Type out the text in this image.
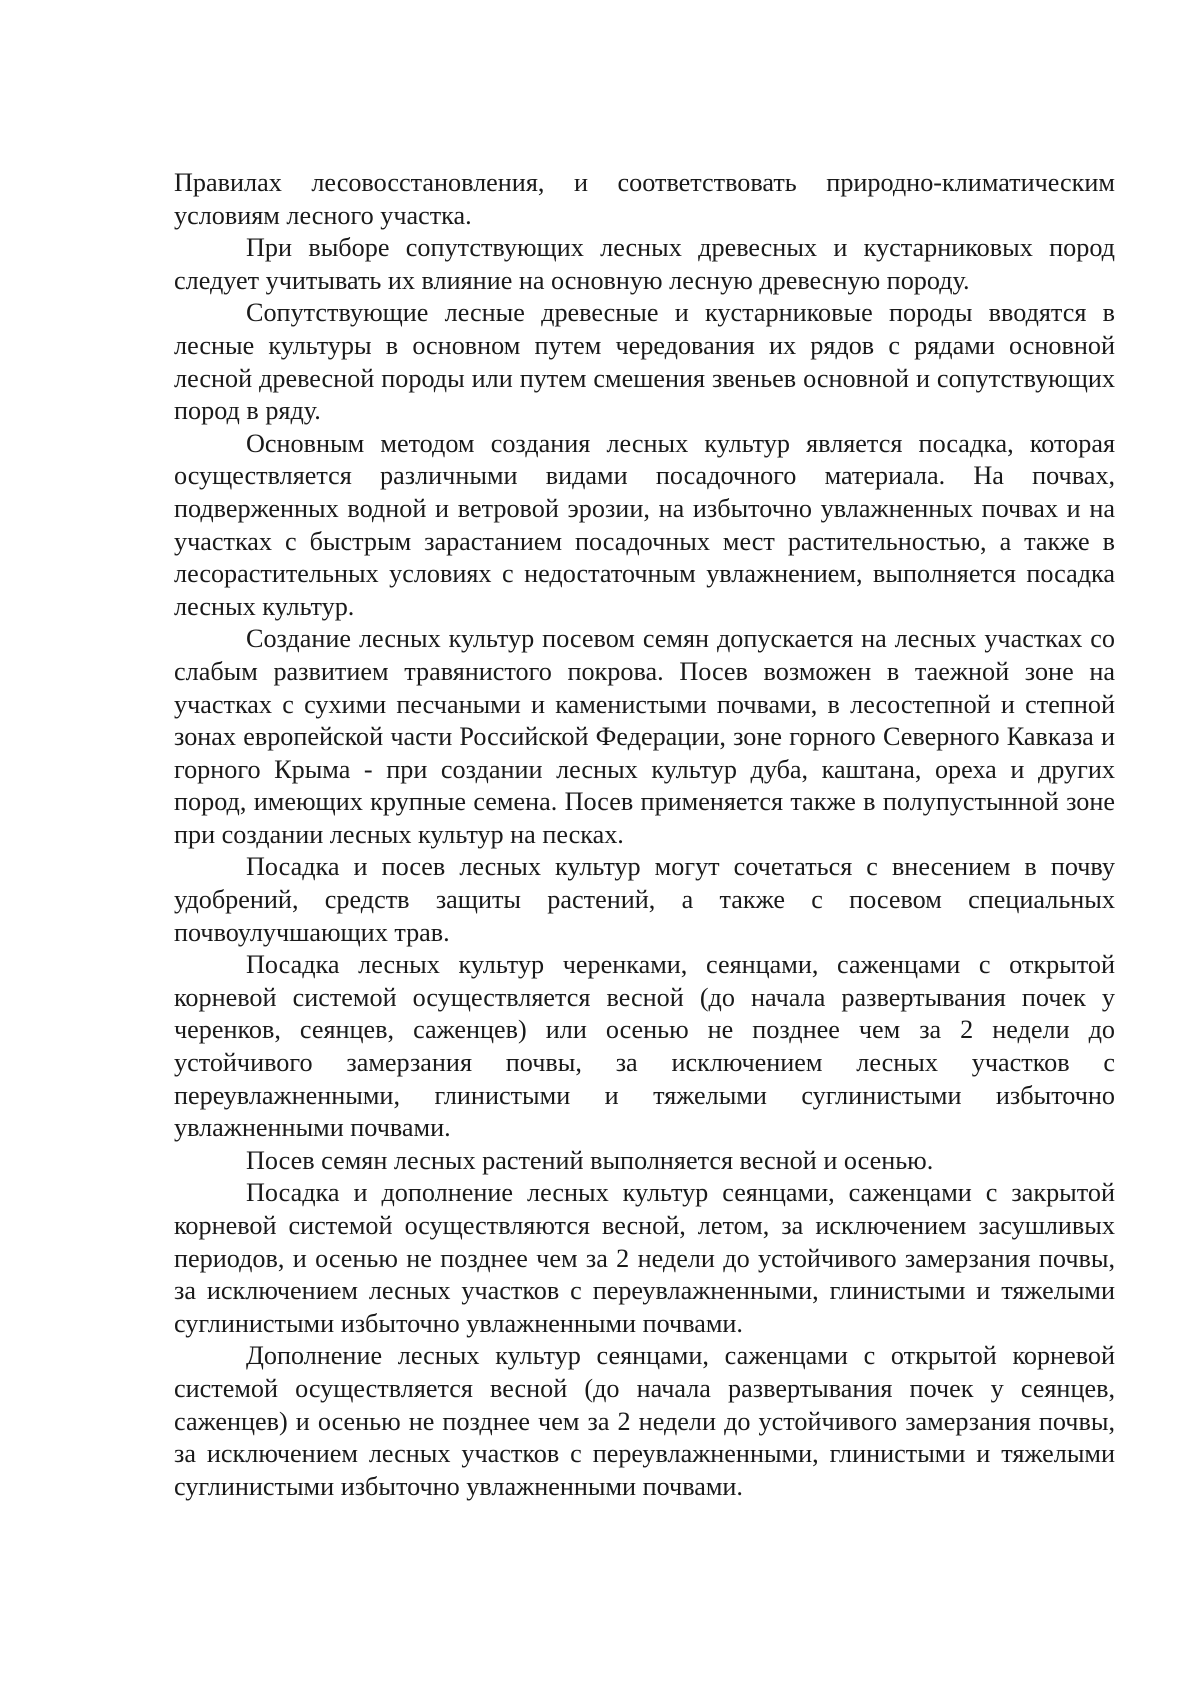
Правилах лесовосстановления, и соответствовать природно-климатическим условиям лесного участка.

При выборе сопутствующих лесных древесных и кустарниковых пород следует учитывать их влияние на основную лесную древесную породу.

Сопутствующие лесные древесные и кустарниковые породы вводятся в лесные культуры в основном путем чередования их рядов с рядами основной лесной древесной породы или путем смешения звеньев основной и сопутствующих пород в ряду.

Основным методом создания лесных культур является посадка, которая осуществляется различными видами посадочного материала. На почвах, подверженных водной и ветровой эрозии, на избыточно увлажненных почвах и на участках с быстрым зарастанием посадочных мест растительностью, а также в лесорастительных условиях с недостаточным увлажнением, выполняется посадка лесных культур.

Создание лесных культур посевом семян допускается на лесных участках со слабым развитием травянистого покрова. Посев возможен в таежной зоне на участках с сухими песчаными и каменистыми почвами, в лесостепной и степной зонах европейской части Российской Федерации, зоне горного Северного Кавказа и горного Крыма - при создании лесных культур дуба, каштана, ореха и других пород, имеющих крупные семена. Посев применяется также в полупустынной зоне при создании лесных культур на песках.

Посадка и посев лесных культур могут сочетаться с внесением в почву удобрений, средств защиты растений, а также с посевом специальных почвоулучшающих трав.

Посадка лесных культур черенками, сеянцами, саженцами с открытой корневой системой осуществляется весной (до начала развертывания почек у черенков, сеянцев, саженцев) или осенью не позднее чем за 2 недели до устойчивого замерзания почвы, за исключением лесных участков с переувлажненными, глинистыми и тяжелыми суглинистыми избыточно увлажненными почвами.

Посев семян лесных растений выполняется весной и осенью.

Посадка и дополнение лесных культур сеянцами, саженцами с закрытой корневой системой осуществляются весной, летом, за исключением засушливых периодов, и осенью не позднее чем за 2 недели до устойчивого замерзания почвы, за исключением лесных участков с переувлажненными, глинистыми и тяжелыми суглинистыми избыточно увлажненными почвами.

Дополнение лесных культур сеянцами, саженцами с открытой корневой системой осуществляется весной (до начала развертывания почек у сеянцев, саженцев) и осенью не позднее чем за 2 недели до устойчивого замерзания почвы, за исключением лесных участков с переувлажненными, глинистыми и тяжелыми суглинистыми избыточно увлажненными почвами.
